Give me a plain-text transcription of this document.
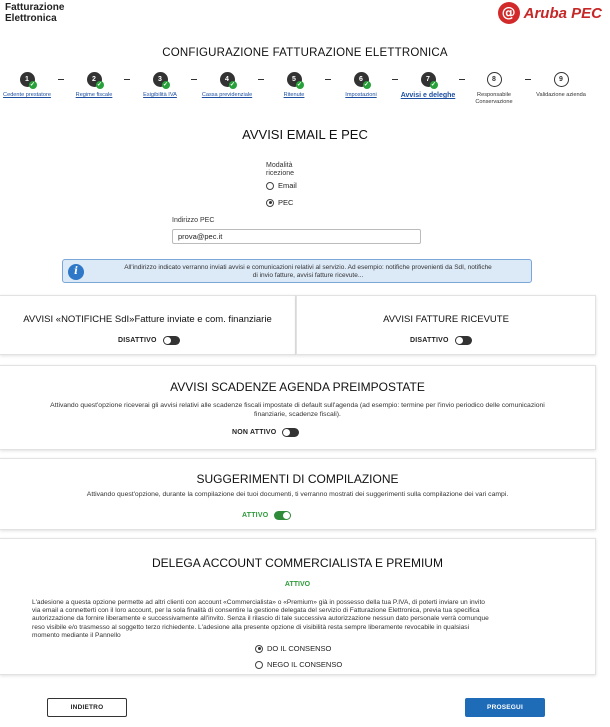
Fatturazione
Elettronica	@ Aruba PEC
CONFIGURAZIONE FATTURAZIONE ELETTRONICA
1
✓
Cedente prestatore
2
✓
Regime fiscale
3
✓
Esigibilità IVA
4
✓
Cassa previdenziale
5
✓
Ritenute
6
✓
Impostazioni
7
✓
Avvisi e deleghe
8
Responsabile Conservazione
9
Validazione azienda
AVVISI EMAIL E PEC
Modalità
ricezione
Email
PEC
Indirizzo PEC
prova@pec.it
i	All'indirizzo indicato verranno inviati avvisi e comunicazioni relativi al servizio. Ad esempio: notifiche provenienti da SdI, notifiche
di invio fatture, avvisi fatture ricevute...
AVVISI «NOTIFICHE SdI»Fatture inviate e com. finanziarie
DISATTIVO
AVVISI FATTURE RICEVUTE
DISATTIVO
AVVISI SCADENZE AGENDA PREIMPOSTATE
Attivando quest'opzione riceverai gli avvisi relativi alle scadenze fiscali impostate di default sull'agenda (ad esempio: termine per l'invio periodico delle comunicazioni
finanziarie, scadenze fiscali).
NON ATTIVO
SUGGERIMENTI DI COMPILAZIONE
Attivando quest'opzione, durante la compilazione dei tuoi documenti, ti verranno mostrati dei suggerimenti sulla compilazione dei vari campi.
ATTIVO
DELEGA ACCOUNT COMMERCIALISTA E PREMIUM
ATTIVO
L'adesione a questa opzione permette ad altri clienti con account «Commercialista» o «Premium» già in possesso della tua P.IVA, di poterti inviare un invito
via email a connetterti con il loro account, per la sola finalità di consentire la gestione delegata del servizio di Fatturazione Elettronica, previa tua specifica
autorizzazione da fornire liberamente e successivamente all'invito. Senza il rilascio di tale successiva autorizzazione nessun dato personale verrà comunque
reso visibile e/o trasmesso al soggetto terzo richiedente. L'adesione alla presente opzione di visibilità resta sempre liberamente revocabile in qualsiasi
momento mediante il Pannello
DO IL CONSENSO
NEGO IL CONSENSO
INDIETRO	PROSEGUI
